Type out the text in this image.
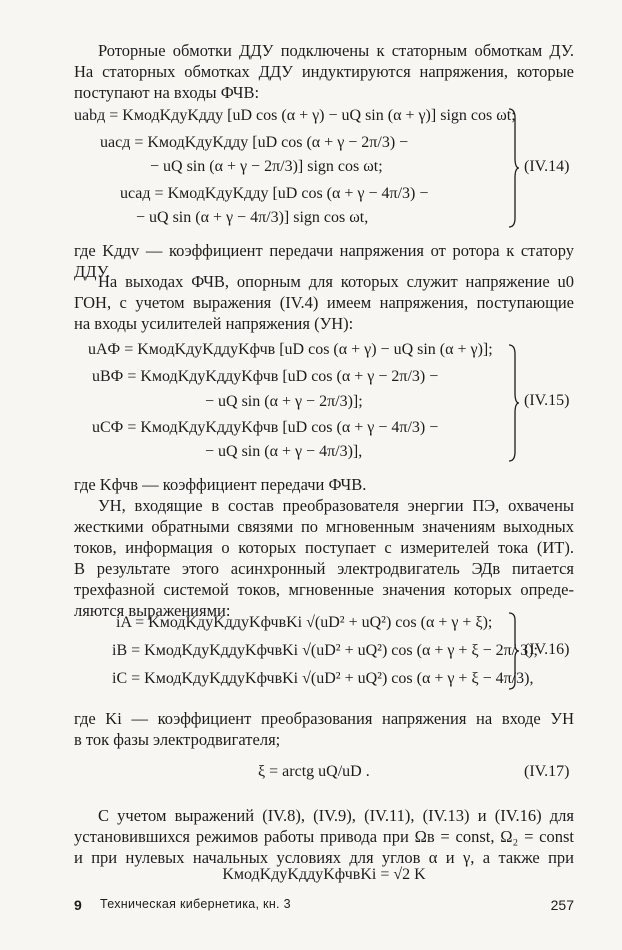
Роторные обмотки ДДУ подключены к статорным обмоткам ДУ.
На статорных обмотках ДДУ индуктируются напряжения, которые
поступают на входы ФЧВ:
uabд = KмодKдуKдду [uD cos (α + γ) − uQ sin (α + γ)] sign cos ωt;
uасд = KмодKдуKдду [uD cos (α + γ − 2π/3) −
− uQ sin (α + γ − 2π/3)] sign cos ωt;
uсад = KмодKдуKдду [uD cos (α + γ − 4π/3) −
− uQ sin (α + γ − 4π/3)] sign cos ωt,
(IV.14)
где Kддv — коэффициент передачи напряжения от ротора к статору
ДДУ.
На выходах ФЧВ, опорным для которых служит напряжение u0
ГОН, с учетом выражения (IV.4) имеем напряжения, поступающие
на входы усилителей напряжения (УН):
uAФ = KмодKдуKддуKфчв [uD cos (α + γ) − uQ sin (α + γ)];
uBФ = KмодKдуKддуKфчв [uD cos (α + γ − 2π/3) −
− uQ sin (α + γ − 2π/3)];
uCФ = KмодKдуKддуKфчв [uD cos (α + γ − 4π/3) −
− uQ sin (α + γ − 4π/3)],
(IV.15)
где Kфчв — коэффициент передачи ФЧВ.
УН, входящие в состав преобразователя энергии ПЭ, охвачены
жесткими обратными связями по мгновенным значениям выходных
токов, информация о которых поступает с измерителей тока (ИТ).
В результате этого асинхронный электродвигатель ЭДв питается
трехфазной системой токов, мгновенные значения которых опреде-
ляются выражениями:
iA = KмодKдуKддуKфчвKi √(uD² + uQ²) cos (α + γ + ξ);
iB = KмодKдуKддуKфчвKi √(uD² + uQ²) cos (α + γ + ξ − 2π/ 3);
iC = KмодKдуKддуKфчвKi √(uD² + uQ²) cos (α + γ + ξ − 4π/3),
(IV.16)
где Ki — коэффициент преобразования напряжения на входе УН
в ток фазы электродвигателя;
ξ = arctg uQ/uD .	(IV.17)
С учетом выражений (IV.8), (IV.9), (IV.11), (IV.13) и (IV.16) для
установившихся режимов работы привода при Ωв = const, Ω₂ = const
и при нулевых начальных условиях для углов α и γ, а также при
KмодKдуKддуKфчвKi = √2 K
9 Техническая кибернетика, кн. 3	257
